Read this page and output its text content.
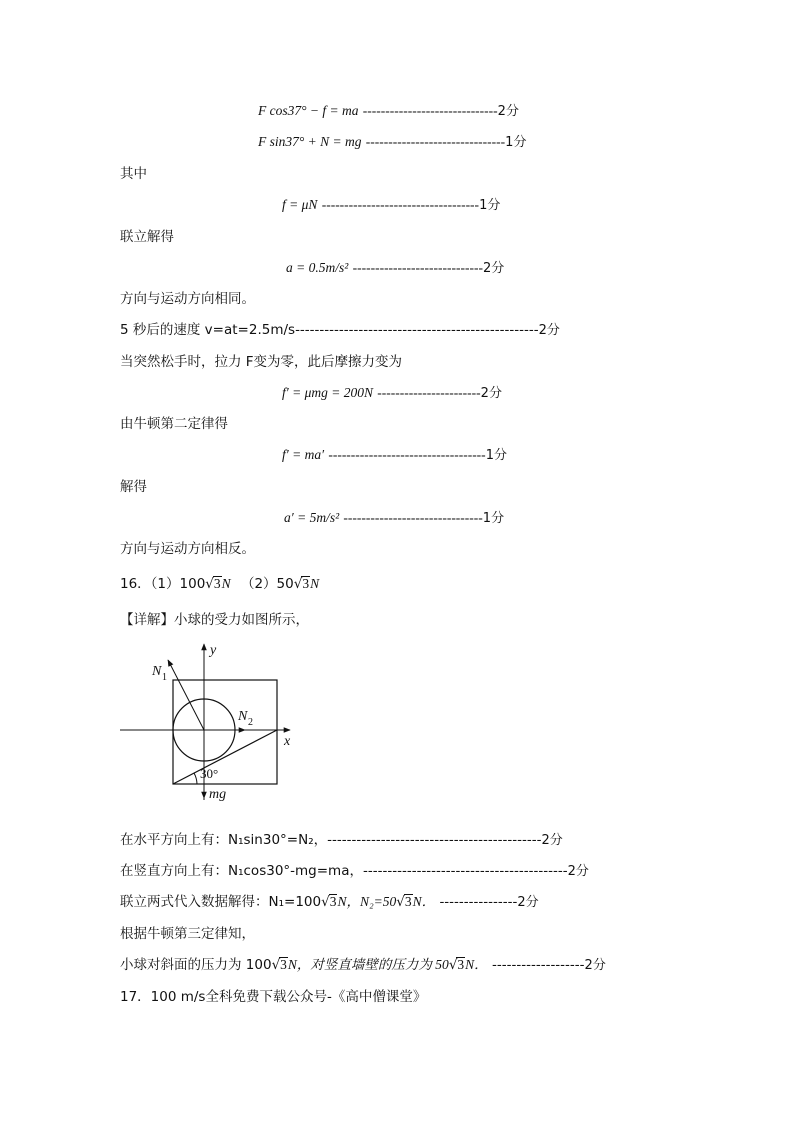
F cos37° − f = ma ------------------------------2分
F sin37° + N = mg -------------------------------1分
其中
f = μN -----------------------------------1分
联立解得
a = 0.5m/s² -----------------------------2分
方向与运动方向相同。
5 秒后的速度 v=at=2.5m/s--------------------------------------------------2分
当突然松手时，拉力 F变为零，此后摩擦力变为
f′ = μmg = 200N -----------------------2分
由牛顿第二定律得
f′ = ma′ -----------------------------------1分
解得
a′ = 5m/s² -------------------------------1分
方向与运动方向相反。
16．（1）100√3N （2）50√3N
【详解】小球的受力如图所示，
y
x
N 1
N 2
30°
mg
在水平方向上有：N₁sin30°=N₂，--------------------------------------------2分
在竖直方向上有：N₁cos30°-mg=ma，------------------------------------------2分
联立两式代入数据解得：N₁=100√3N，N₂=50√3N． ----------------2分
根据牛顿第三定律知，
小球对斜面的压力为 100√3N，对竖直墙壁的压力为 50√3N． -------------------2分
17．100 m/s全科免费下载公众号-《高中僧课堂》
